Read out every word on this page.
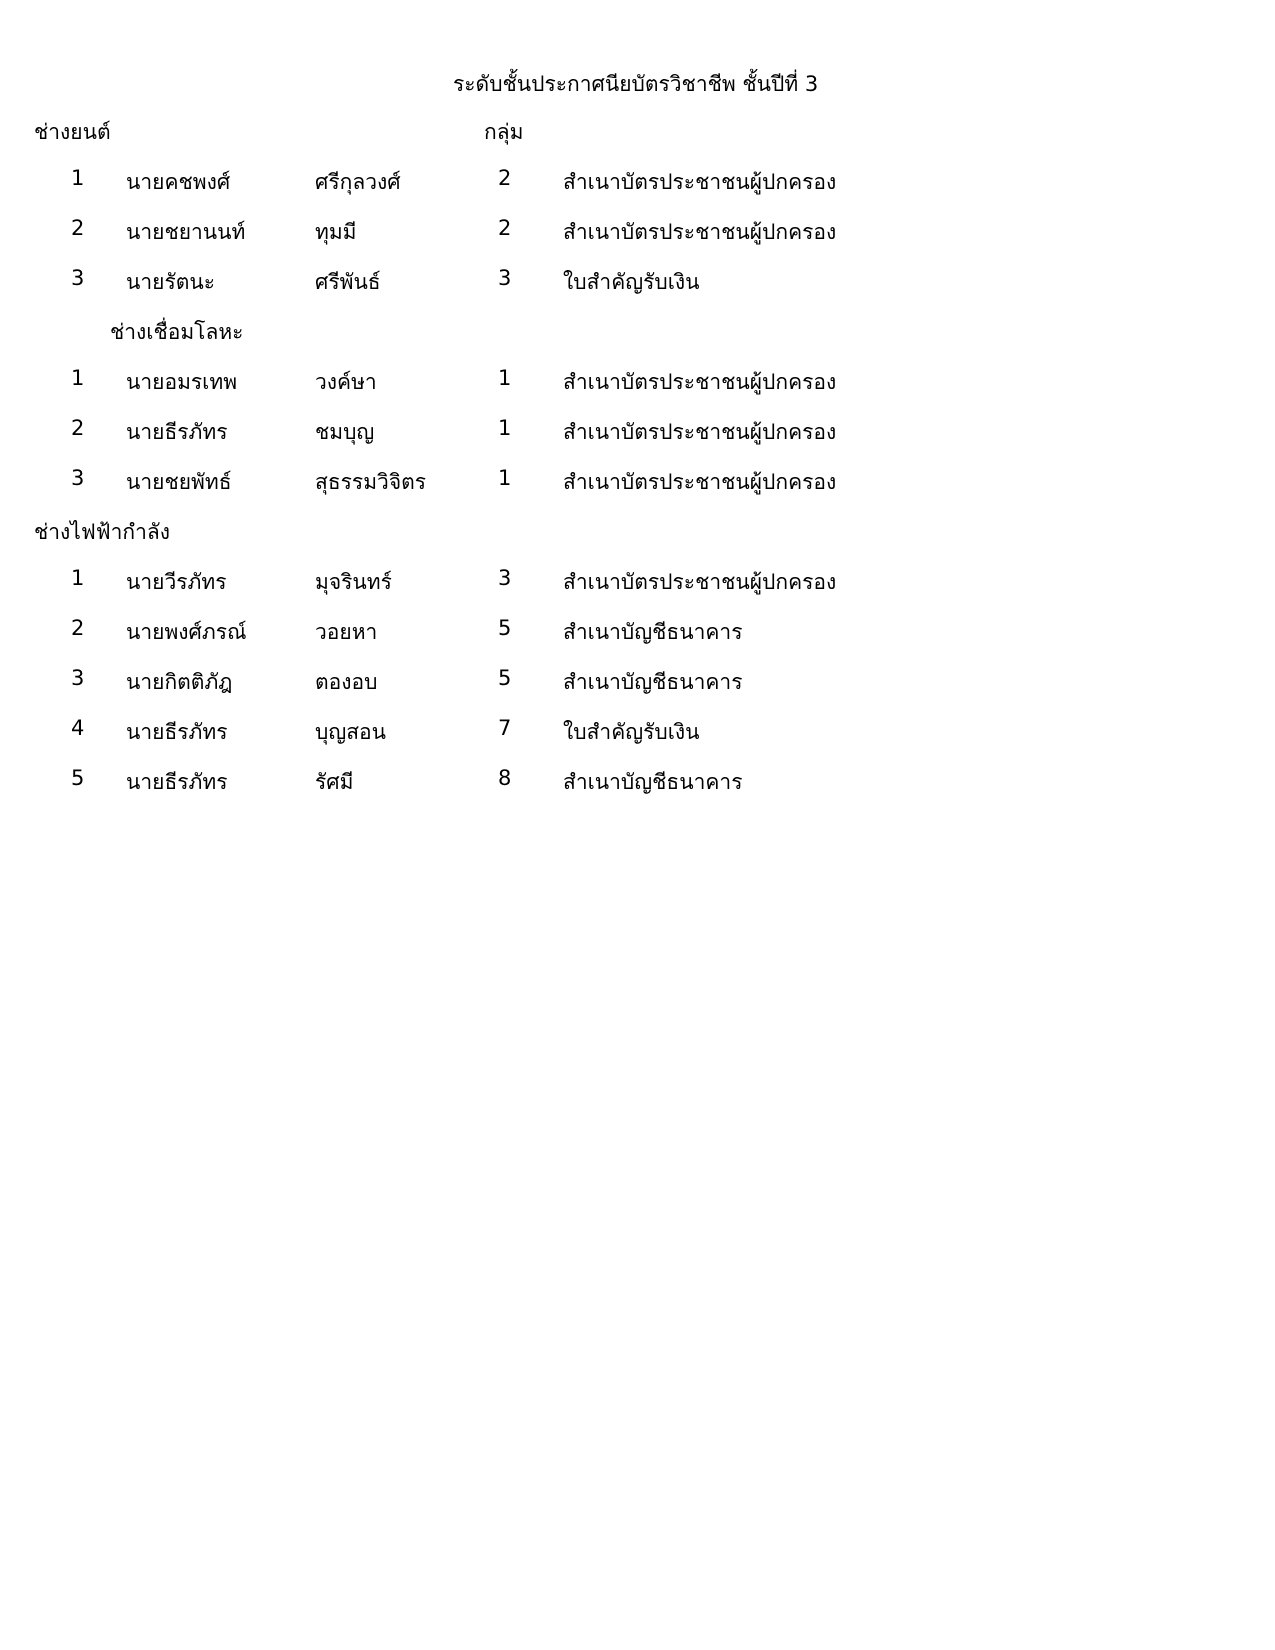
ระดับชั้นประกาศนียบัตรวิชาชีพ ชั้นปีที่ 3
ช่างยนต์	กลุ่ม
1 นายคชพงศ์	ศรีกุลวงศ์	2 สำเนาบัตรประชาชนผู้ปกครอง
2 นายชยานนท์	ทุมมี	2 สำเนาบัตรประชาชนผู้ปกครอง
3 นายรัตนะ	ศรีพันธ์	3 ใบสำคัญรับเงิน
ช่างเชื่อมโลหะ
1 นายอมรเทพ	วงค์ษา	1 สำเนาบัตรประชาชนผู้ปกครอง
2 นายธีรภัทร	ชมบุญ	1 สำเนาบัตรประชาชนผู้ปกครอง
3 นายชยพัทธ์	สุธรรมวิจิตร	1 สำเนาบัตรประชาชนผู้ปกครอง
ช่างไฟฟ้ากำลัง
1 นายวีรภัทร	มุจรินทร์	3 สำเนาบัตรประชาชนผู้ปกครอง
2 นายพงศ์ภรณ์	วอยหา	5 สำเนาบัญชีธนาคาร
3 นายกิตติภัฎ	ตองอบ	5 สำเนาบัญชีธนาคาร
4 นายธีรภัทร	บุญสอน	7 ใบสำคัญรับเงิน
5 นายธีรภัทร	รัศมี	8 สำเนาบัญชีธนาคาร
